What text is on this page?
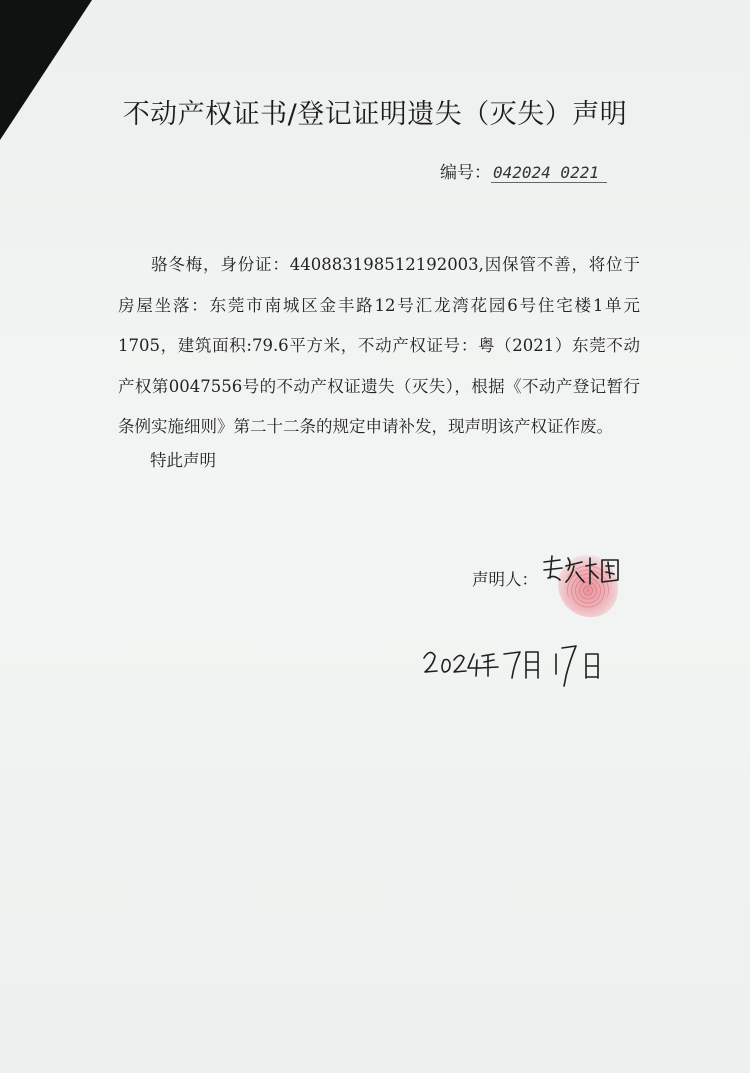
不动产权证书/登记证明遗失（灭失）声明
编号： 042024 0221
骆冬梅，身份证：440883198512192003,因保管不善，将位于房屋坐落：东莞市南城区金丰路12号汇龙湾花园6号住宅楼1单元1705，建筑面积:79.6平方米，不动产权证号：粤（2021）东莞不动产权第0047556号的不动产权证遗失（灭失），根据《不动产登记暂行条例实施细则》第二十二条的规定申请补发，现声明该产权证作废。
特此声明
声明人：
